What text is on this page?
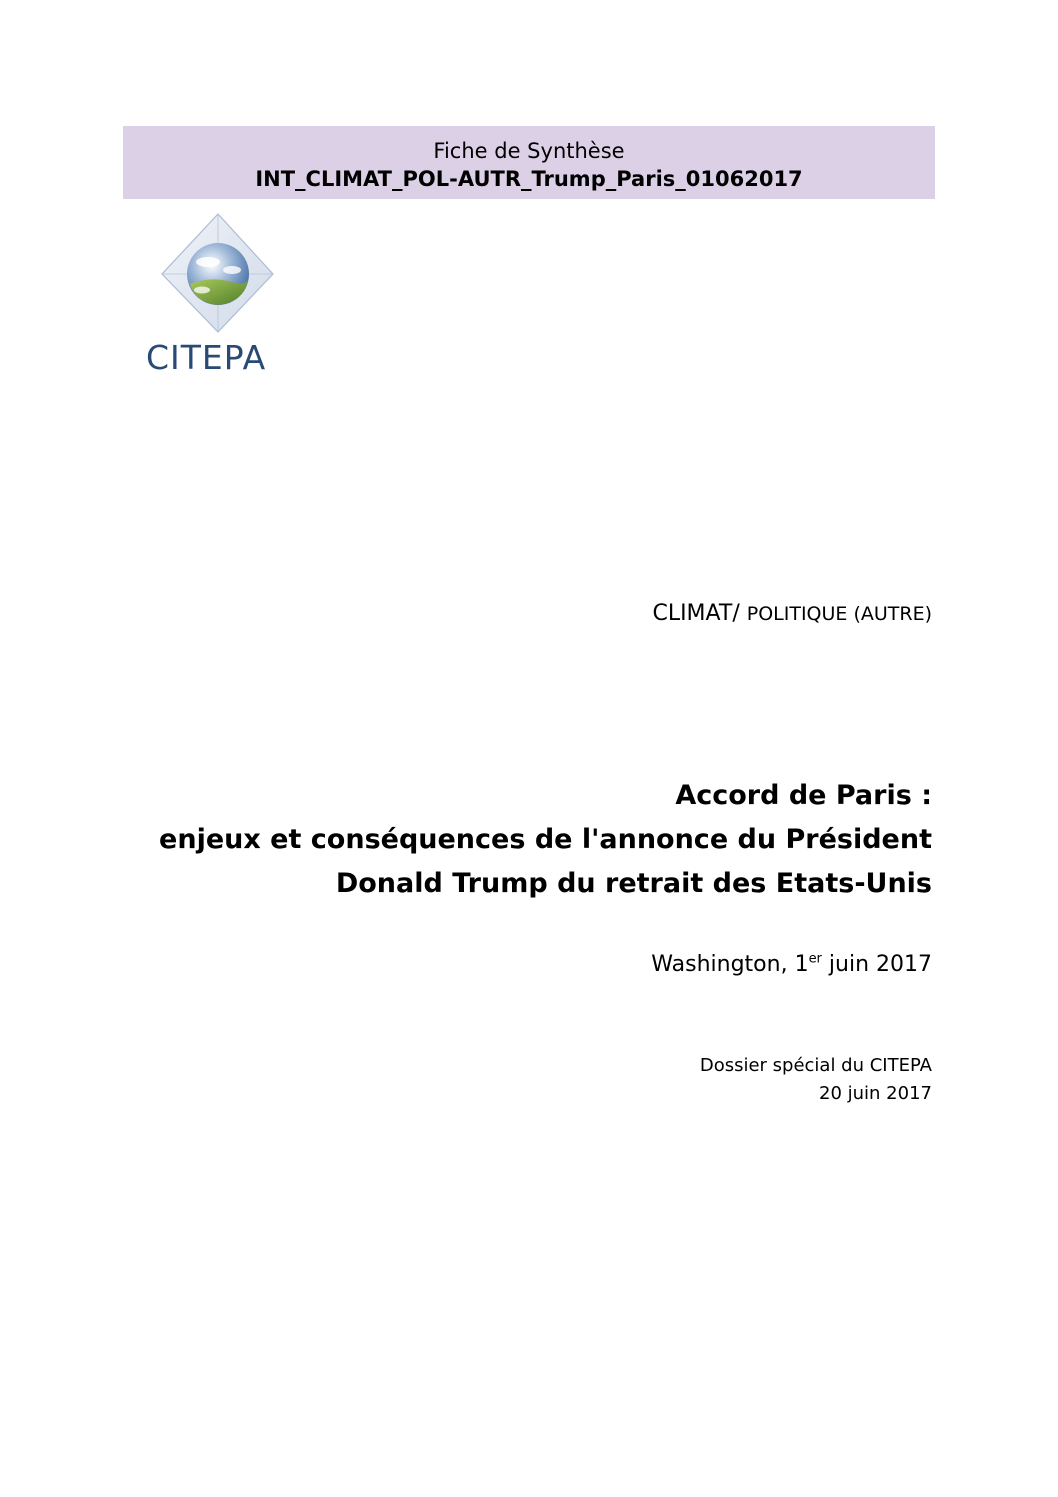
Fiche de Synthèse
INT_CLIMAT_POL-AUTR_Trump_Paris_01062017
CITEPA
CLIMAT/ POLITIQUE (AUTRE)
Accord de Paris :
enjeux et conséquences de l'annonce du Président
Donald Trump du retrait des Etats-Unis
Washington, 1er juin 2017
Dossier spécial du CITEPA
20 juin 2017
